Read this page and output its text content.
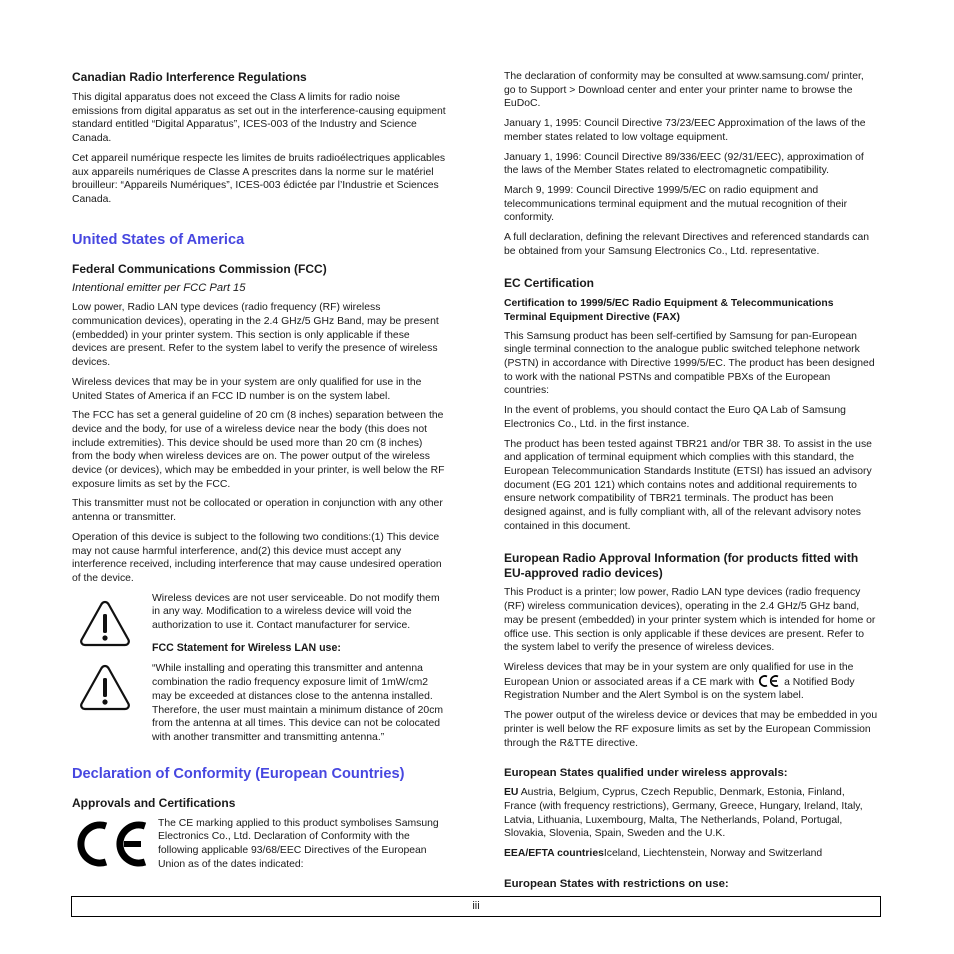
Canadian Radio Interference Regulations

This digital apparatus does not exceed the Class A limits for radio noise emissions from digital apparatus as set out in the interference-causing equipment standard entitled “Digital Apparatus”, ICES-003 of the Industry and Science Canada.

Cet appareil numérique respecte les limites de bruits radioélectriques applicables aux appareils numériques de Classe A prescrites dans la norme sur le matériel brouilleur: “Appareils Numériques”, ICES-003 édictée par l’Industrie et Sciences Canada.

United States of America
Federal Communications Commission (FCC)

Intentional emitter per FCC Part 15

Low power, Radio LAN type devices (radio frequency (RF) wireless communication devices), operating in the 2.4 GHz/5 GHz Band, may be present (embedded) in your printer system. This section is only applicable if these devices are present. Refer to the system label to verify the presence of wireless devices.

Wireless devices that may be in your system are only qualified for use in the United States of America if an FCC ID number is on the system label.

The FCC has set a general guideline of 20 cm (8 inches) separation between the device and the body, for use of a wireless device near the body (this does not include extremities). This device should be used more than 20 cm (8 inches) from the body when wireless devices are on. The power output of the wireless device (or devices), which may be embedded in your printer, is well below the RF exposure limits as set by the FCC.

This transmitter must not be collocated or operation in conjunction with any other antenna or transmitter.

Operation of this device is subject to the following two conditions:(1) This device may not cause harmful interference, and(2) this device must accept any interference received, including interference that may cause undesired operation of the device.

Wireless devices are not user serviceable. Do not modify them in any way. Modification to a wireless device will void the authorization to use it. Contact manufacturer for service.

FCC Statement for Wireless LAN use:

“While installing and operating this transmitter and antenna combination the radio frequency exposure limit of 1mW/cm2 may be exceeded at distances close to the antenna installed. Therefore, the user must maintain a minimum distance of 20cm from the antenna at all times. This device can not be colocated with another transmitter and transmitting antenna.”

Declaration of Conformity (European Countries)
Approvals and Certifications

The CE marking applied to this product symbolises Samsung Electronics Co., Ltd. Declaration of Conformity with the following applicable 93/68/EEC Directives of the European Union as of the dates indicated:

The declaration of conformity may be consulted at www.samsung.com/ printer, go to Support > Download center and enter your printer name to browse the EuDoC.

January 1, 1995: Council Directive 73/23/EEC Approximation of the laws of the member states related to low voltage equipment.

January 1, 1996: Council Directive 89/336/EEC (92/31/EEC), approximation of the laws of the Member States related to electromagnetic compatibility.

March 9, 1999: Council Directive 1999/5/EC on radio equipment and telecommunications terminal equipment and the mutual recognition of their conformity.

A full declaration, defining the relevant Directives and referenced standards can be obtained from your Samsung Electronics Co., Ltd. representative.

EC Certification
Certification to 1999/5/EC Radio Equipment & Telecommunications Terminal Equipment Directive (FAX)

This Samsung product has been self-certified by Samsung for pan-European single terminal connection to the analogue public switched telephone network (PSTN) in accordance with Directive 1999/5/EC. The product has been designed to work with the national PSTNs and compatible PBXs of the European countries:

In the event of problems, you should contact the Euro QA Lab of Samsung Electronics Co., Ltd. in the first instance.

The product has been tested against TBR21 and/or TBR 38. To assist in the use and application of terminal equipment which complies with this standard, the European Telecommunication Standards Institute (ETSI) has issued an advisory document (EG 201 121) which contains notes and additional requirements to ensure network compatibility of TBR21 terminals. The product has been designed against, and is fully compliant with, all of the relevant advisory notes contained in this document.

European Radio Approval Information (for products fitted with EU-approved radio devices)

This Product is a printer; low power, Radio LAN type devices (radio frequency (RF) wireless communication devices), operating in the 2.4 GHz/5 GHz band, may be present (embedded) in your printer system which is intended for home or office use. This section is only applicable if these devices are present. Refer to the system label to verify the presence of wireless devices.

Wireless devices that may be in your system are only qualified for use in the European Union or associated areas if a CE mark with	a Notified Body Registration Number and the Alert Symbol is on the system label.

The power output of the wireless device or devices that may be embedded in you printer is well below the RF exposure limits as set by the European Commission through the R&TTE directive.

European States qualified under wireless approvals:

EU Austria, Belgium, Cyprus, Czech Republic, Denmark, Estonia, Finland, France (with frequency restrictions), Germany, Greece, Hungary, Ireland, Italy, Latvia, Lithuania, Luxembourg, Malta, The Netherlands, Poland, Portugal, Slovakia, Slovenia, Spain, Sweden and the U.K.

EEA/EFTA countriesIceland, Liechtenstein, Norway and Switzerland

European States with restrictions on use:
iii
